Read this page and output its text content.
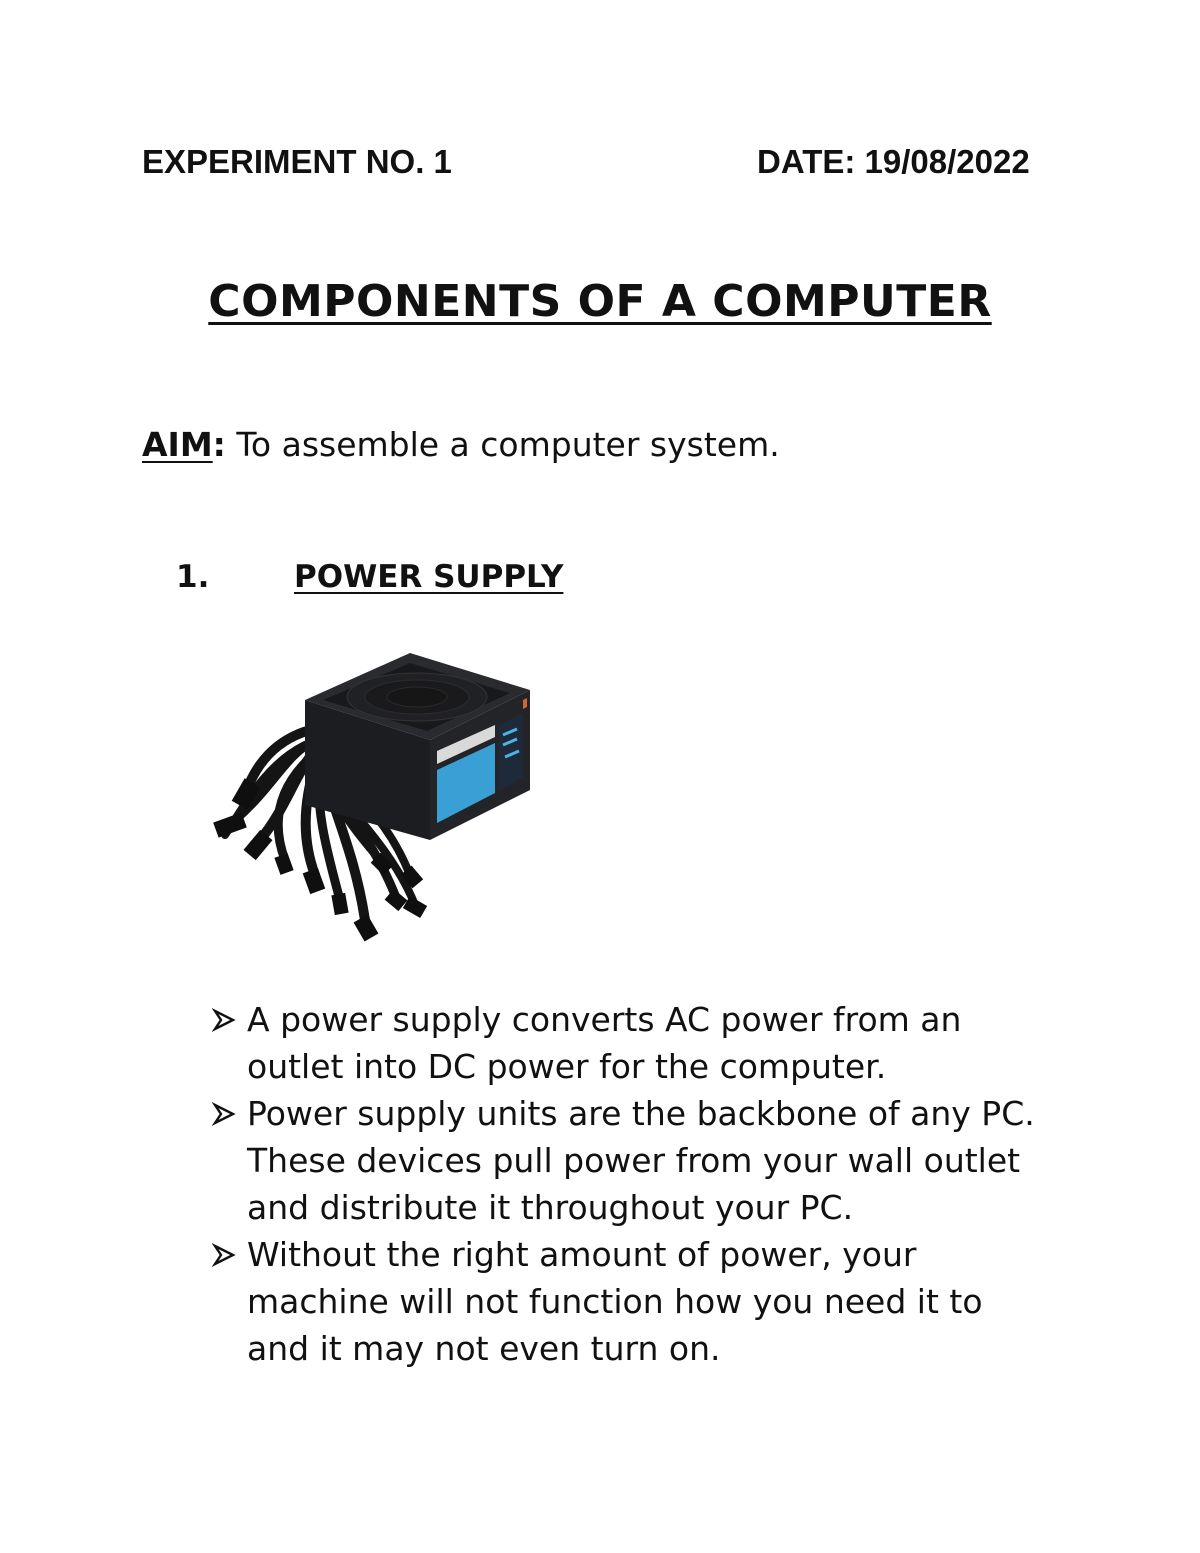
EXPERIMENT NO. 1	DATE: 19/08/2022
COMPONENTS OF A COMPUTER
AIM: To assemble a computer system.
1.	POWER SUPPLY
A power supply converts AC power from an outlet into DC power for the computer.
Power supply units are the backbone of any PC. These devices pull power from your wall outlet and distribute it throughout your PC.
Without the right amount of power, your machine will not function how you need it to and it may not even turn on.
